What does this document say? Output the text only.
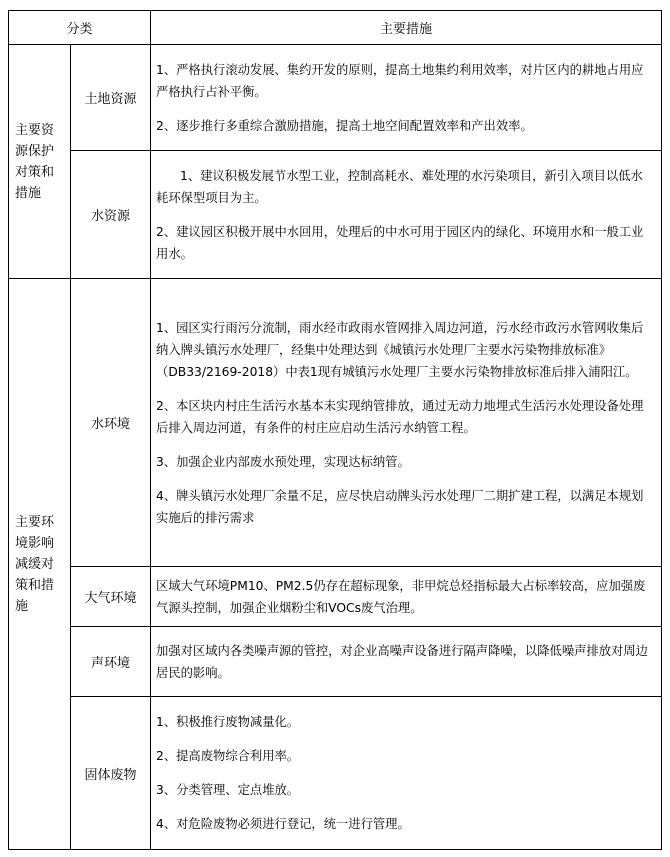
分类		主要措施
主要资源保护对策和措施	土地资源	1、严格执行滚动发展、集约开发的原则，提高土地集约利用效率，对片区内的耕地占用应严格执行占补平衡。

2、逐步推行多重综合激励措施，提高土地空间配置效率和产出效率。

	水资源	1、建议积极发展节水型工业，控制高耗水、难处理的水污染项目，新引入项目以低水耗环保型项目为主。

2、建议园区积极开展中水回用，处理后的中水可用于园区内的绿化、环境用水和一般工业用水。

主要环境影响减缓对策和措施	水环境	1、园区实行雨污分流制，雨水经市政雨水管网排入周边河道，污水经市政污水管网收集后纳入牌头镇污水处理厂，经集中处理达到《城镇污水处理厂主要水污染物排放标准》（DB33/2169-2018）中表1现有城镇污水处理厂主要水污染物排放标准后排入浦阳江。

2、本区块内村庄生活污水基本未实现纳管排放，通过无动力地埋式生活污水处理设备处理后排入周边河道，有条件的村庄应启动生活污水纳管工程。

3、加强企业内部废水预处理，实现达标纳管。

4、牌头镇污水处理厂余量不足，应尽快启动牌头污水处理厂二期扩建工程，以满足本规划实施后的排污需求

	大气环境	区域大气环境PM10、PM2.5仍存在超标现象，非甲烷总烃指标最大占标率较高，应加强废气源头控制，加强企业烟粉尘和VOCs废气治理。

	声环境	加强对区域内各类噪声源的管控，对企业高噪声设备进行隔声降噪，以降低噪声排放对周边居民的影响。

	固体废物	1、积极推行废物减量化。

2、提高废物综合利用率。

3、分类管理、定点堆放。

4、对危险废物必须进行登记，统一进行管理。
